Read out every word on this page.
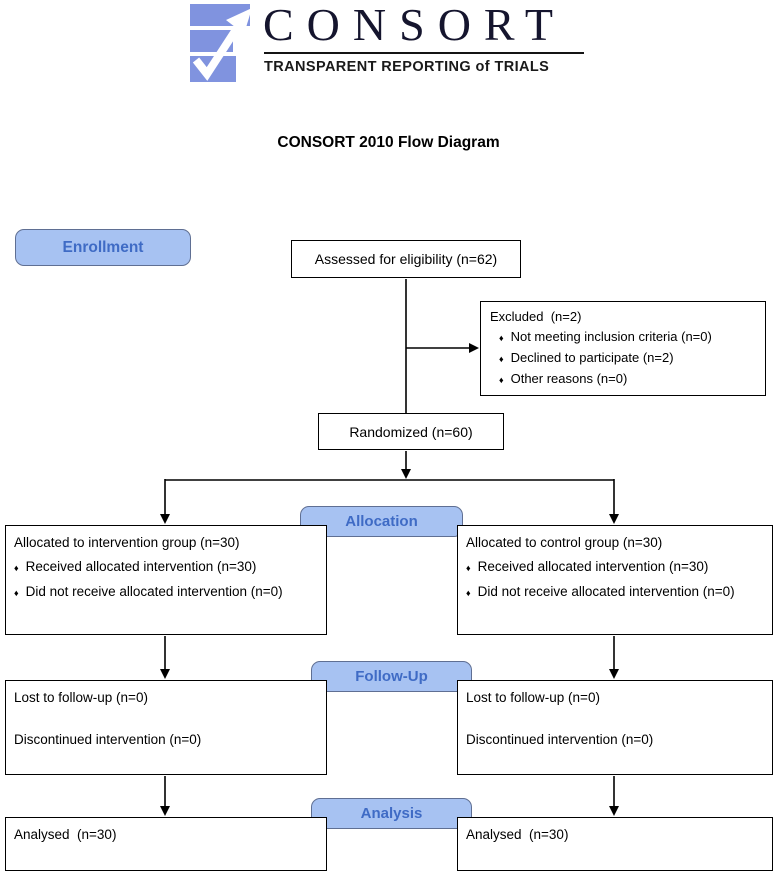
CONSORT
TRANSPARENT REPORTING of TRIALS
CONSORT 2010 Flow Diagram
Enrollment
Allocation
Follow-Up
Analysis
Assessed for eligibility (n=62)
Excluded  (n=2)
♦ Not meeting inclusion criteria (n=0)
♦ Declined to participate (n=2)
♦ Other reasons (n=0)
Randomized (n=60)
Allocated to intervention group (n=30)
♦ Received allocated intervention (n=30)
♦ Did not receive allocated intervention (n=0)
Allocated to control group (n=30)
♦ Received allocated intervention (n=30)
♦ Did not receive allocated intervention (n=0)
Lost to follow-up (n=0)
Discontinued intervention (n=0)
Lost to follow-up (n=0)
Discontinued intervention (n=0)
Analysed  (n=30)	Analysed  (n=30)
